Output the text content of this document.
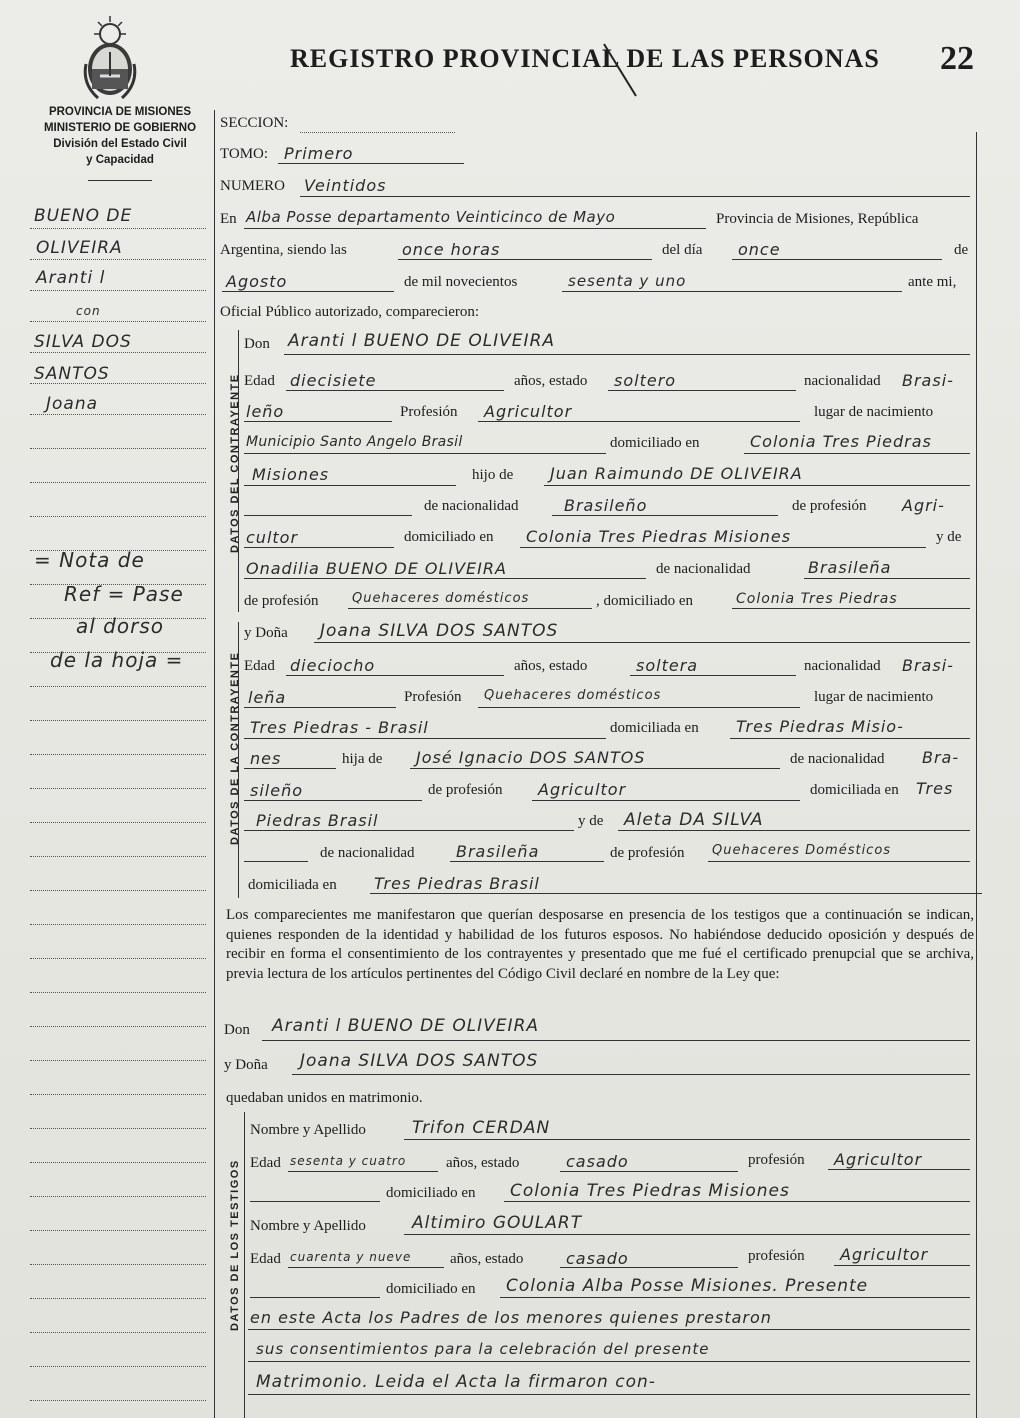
REGISTRO PROVINCIAL DE LAS PERSONAS 22
PROVINCIA DE MISIONES
MINISTERIO DE GOBIERNO
División del Estado Civil
y Capacidad
BUENO DE
OLIVEIRA
Aranti l
con
SILVA DOS
SANTOS
Joana
= Nota de
Ref = Pase
al dorso
de la hoja =
SECCION:
TOMO: Primero
NUMERO Veintidos
En Alba Posse departamento Veinticinco de Mayo	Provincia de Misiones, República
Argentina, siendo las	once horas	del día once	de
Agosto	de mil novecientos	sesenta y uno	ante mi,
Oficial Público autorizado, comparecieron:
DATOS DEL CONTRAYENTE
Don Aranti l BUENO DE OLIVEIRA
Edad diecisiete	años, estado soltero	nacionalidad Brasi-
leño	Profesión Agricultor	lugar de nacimiento
Municipio Santo Angelo Brasil	domiciliado en	Colonia Tres Piedras
Misiones	hijo de Juan Raimundo DE OLIVEIRA
de nacionalidad	Brasileño	de profesión Agri-
cultor	domiciliado en Colonia Tres Piedras Misiones	y de
Onadilia BUENO DE OLIVEIRA	de nacionalidad	Brasileña
de profesión	Quehaceres domésticos	, domiciliado en	Colonia Tres Piedras
DATOS DE LA CONTRAYENTE
y Doña Joana SILVA DOS SANTOS
Edad dieciocho	años, estado	soltera	nacionalidad Brasi-
leña	Profesión Quehaceres domésticos	lugar de nacimiento
Tres Piedras - Brasil	domiciliada en Tres Piedras Misio-
nes	hija de José Ignacio DOS SANTOS	de nacionalidad Bra-
sileño	de profesión Agricultor	domiciliada en Tres
Piedras Brasil	y de Aleta DA SILVA
de nacionalidad	Brasileña	de profesión Quehaceres Domésticos
domiciliada en Tres Piedras Brasil
Los comparecientes me manifestaron que querían desposarse en presencia de los testigos que a continuación se indican, quienes responden de la identidad y habilidad de los futuros esposos. No habiéndose deducido oposición y después de recibir en forma el consentimiento de los contrayentes y presentado que me fué el certificado prenupcial que se archiva, previa lectura de los artículos pertinentes del Código Civil declaré en nombre de la Ley que:
Don Aranti l BUENO DE OLIVEIRA
y Doña Joana SILVA DOS SANTOS
quedaban unidos en matrimonio.
DATOS DE LOS TESTIGOS
Nombre y Apellido	Trifon CERDAN
Edad sesenta y cuatro	años, estado	casado	profesión Agricultor
domiciliado en Colonia Tres Piedras Misiones
Nombre y Apellido	Altimiro GOULART
Edad cuarenta y nueve	años, estado	casado	profesión Agricultor
domiciliado en Colonia Alba Posse Misiones. Presente
en este Acta los Padres de los menores quienes prestaron
sus consentimientos para la celebración del presente
Matrimonio. Leida el Acta la firmaron con-
